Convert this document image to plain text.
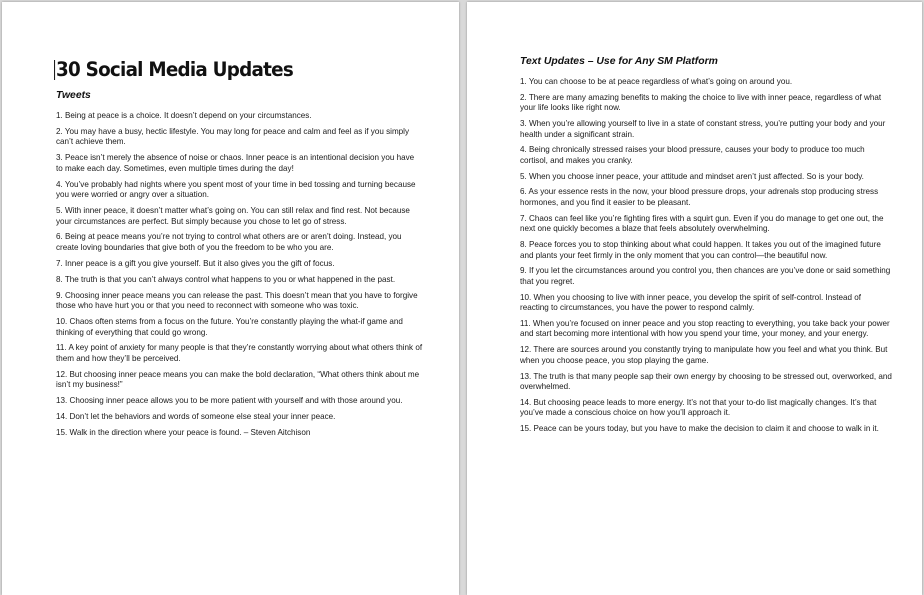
30 Social Media Updates
Tweets

1. Being at peace is a choice. It doesn’t depend on your circumstances.

2. You may have a busy, hectic lifestyle. You may long for peace and calm and feel as if you simply can’t achieve them.

3. Peace isn’t merely the absence of noise or chaos. Inner peace is an intentional decision you have to make each day. Sometimes, even multiple times during the day!

4. You’ve probably had nights where you spent most of your time in bed tossing and turning because you were worried or angry over a situation.

5. With inner peace, it doesn’t matter what’s going on. You can still relax and find rest. Not because your circumstances are perfect. But simply because you chose to let go of stress.

6. Being at peace means you’re not trying to control what others are or aren’t doing. Instead, you create loving boundaries that give both of you the freedom to be who you are.

7. Inner peace is a gift you give yourself. But it also gives you the gift of focus.

8. The truth is that you can’t always control what happens to you or what happened in the past.

9. Choosing inner peace means you can release the past. This doesn’t mean that you have to forgive those who have hurt you or that you need to reconnect with someone who was toxic.

10. Chaos often stems from a focus on the future. You’re constantly playing the what-if game and thinking of everything that could go wrong.

11. A key point of anxiety for many people is that they’re constantly worrying about what others think of them and how they’ll be perceived.

12. But choosing inner peace means you can make the bold declaration, “What others think about me isn’t my business!”

13. Choosing inner peace allows you to be more patient with yourself and with those around you.

14. Don’t let the behaviors and words of someone else steal your inner peace.

15. Walk in the direction where your peace is found. – Steven Aitchison

Text Updates – Use for Any SM Platform

1. You can choose to be at peace regardless of what’s going on around you.

2. There are many amazing benefits to making the choice to live with inner peace, regardless of what your life looks like right now.

3. When you’re allowing yourself to live in a state of constant stress, you’re putting your body and your health under a significant strain.

4. Being chronically stressed raises your blood pressure, causes your body to produce too much cortisol, and makes you cranky.

5. When you choose inner peace, your attitude and mindset aren’t just affected. So is your body.

6. As your essence rests in the now, your blood pressure drops, your adrenals stop producing stress hormones, and you find it easier to be pleasant.

7. Chaos can feel like you’re fighting fires with a squirt gun. Even if you do manage to get one out, the next one quickly becomes a blaze that feels absolutely overwhelming.

8. Peace forces you to stop thinking about what could happen. It takes you out of the imagined future and plants your feet firmly in the only moment that you can control—the beautiful now.

9. If you let the circumstances around you control you, then chances are you’ve done or said something that you regret.

10. When you choosing to live with inner peace, you develop the spirit of self-control. Instead of reacting to circumstances, you have the power to respond calmly.

11. When you’re focused on inner peace and you stop reacting to everything, you take back your power and start becoming more intentional with how you spend your time, your money, and your energy.

12. There are sources around you constantly trying to manipulate how you feel and what you think. But when you choose peace, you stop playing the game.

13. The truth is that many people sap their own energy by choosing to be stressed out, overworked, and overwhelmed.

14. But choosing peace leads to more energy. It’s not that your to-do list magically changes. It’s that you’ve made a conscious choice on how you’ll approach it.

15. Peace can be yours today, but you have to make the decision to claim it and choose to walk in it.
